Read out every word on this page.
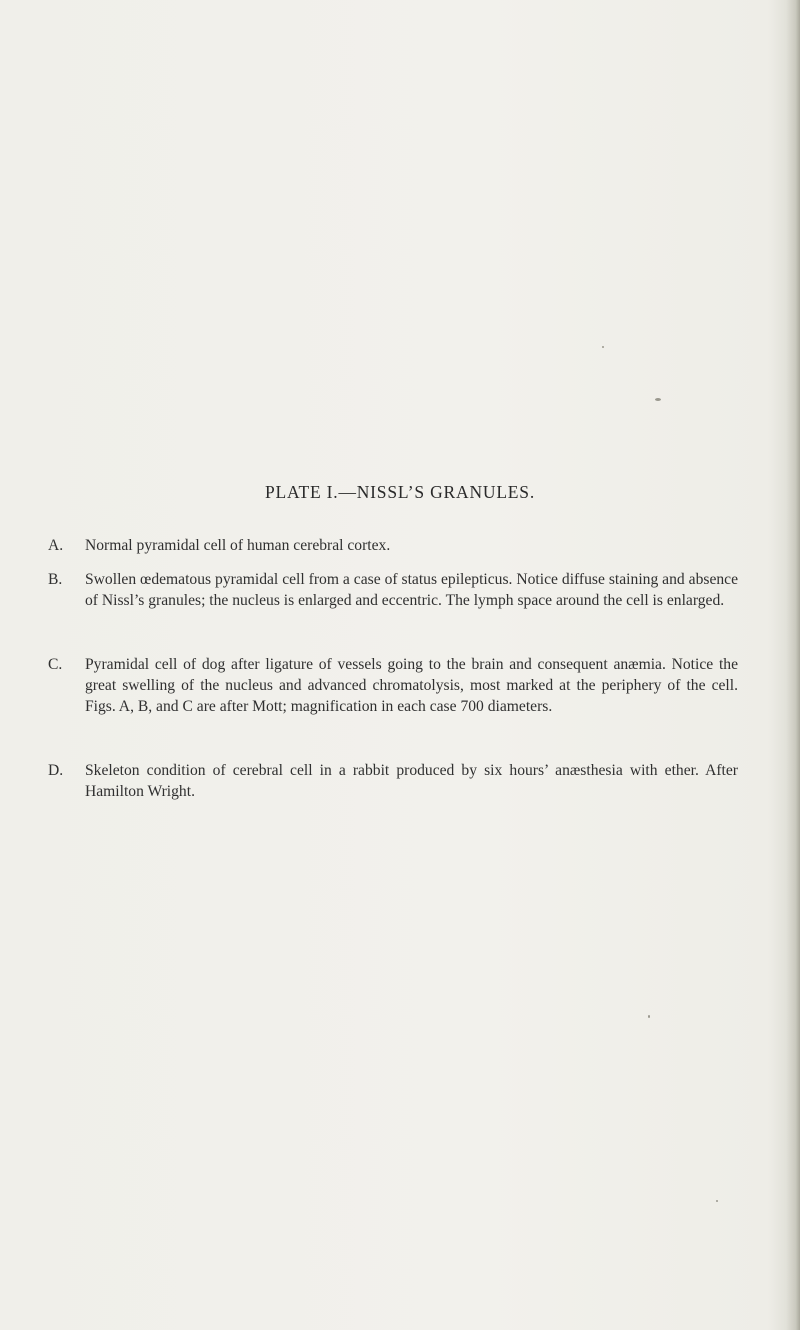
PLATE I.—NISSL’S GRANULES.
A.	Normal pyramidal cell of human cerebral cortex.
B.	Swollen œdematous pyramidal cell from a case of status epilepticus. Notice diffuse staining and absence of Nissl’s granules; the nucleus is enlarged and eccentric. The lymph space around the cell is enlarged.
C.	Pyramidal cell of dog after ligature of vessels going to the brain and consequent anæmia. Notice the great swelling of the nucleus and advanced chromatolysis, most marked at the periphery of the cell. Figs. A, B, and C are after Mott; magnification in each case 700 diameters.
D.	Skeleton condition of cerebral cell in a rabbit produced by six hours’ anæsthesia with ether. After Hamilton Wright.
